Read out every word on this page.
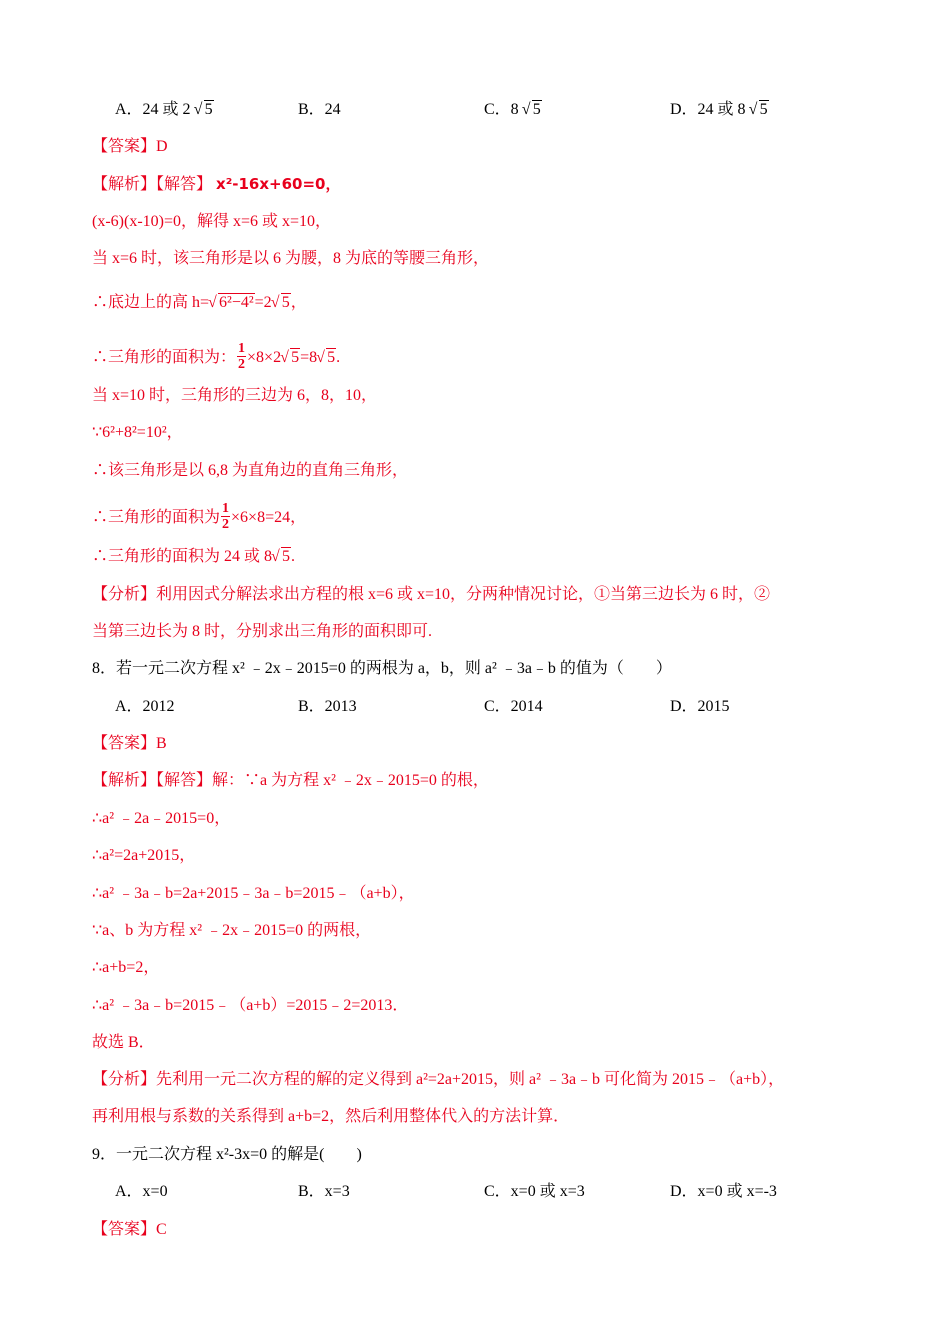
A．24 或 2 √ 5	B．24	C．8 √ 5	D．24 或 8 √ 5
【答案】D
【解析】【解答】 x²-16x+60=0，
(x-6)(x-10)=0，解得 x=6 或 x=10，
当 x=6 时，该三角形是以 6 为腰，8 为底的等腰三角形，
∴底边上的高 h=√ 6²−4²=2√ 5，
∴三角形的面积为： $\frac{1}{2} \times 8\times 2√$ 5=8√ 5.
当 x=10 时，三角形的三边为 6，8，10，
∵6²+8²=10²，
∴该三角形是以 6,8 为直角边的直角三角形，
∴三角形的面积为 $\frac{1}{2} \times 6\times 8=24$，
∴三角形的面积为 24 或 8√ 5.
【分析】利用因式分解法求出方程的根 x=6 或 x=10，分两种情况讨论，①当第三边长为 6 时，②
当第三边长为 8 时，分别求出三角形的面积即可.
8．若一元二次方程 x² ﹣2x﹣2015=0 的两根为 a，b，则 a² ﹣3a﹣b 的值为（　　）
A．2012	B．2013	C．2014	D．2015
【答案】B
【解析】【解答】解：∵a 为方程 x² ﹣2x﹣2015=0 的根，
∴a² ﹣2a﹣2015=0，
∴a²=2a+2015，
∴a² ﹣3a﹣b=2a+2015﹣3a﹣b=2015﹣（a+b），
∵a、b 为方程 x² ﹣2x﹣2015=0 的两根，
∴a+b=2，
∴a² ﹣3a﹣b=2015﹣（a+b）=2015﹣2=2013．
故选 B．
【分析】先利用一元二次方程的解的定义得到 a²=2a+2015，则 a² ﹣3a﹣b 可化简为 2015﹣（a+b），
再利用根与系数的关系得到 a+b=2，然后利用整体代入的方法计算．
9．一元二次方程 x²-3x=0 的解是(　　)
A．x=0	B．x=3	C．x=0 或 x=3	D．x=0 或 x=-3
【答案】C
